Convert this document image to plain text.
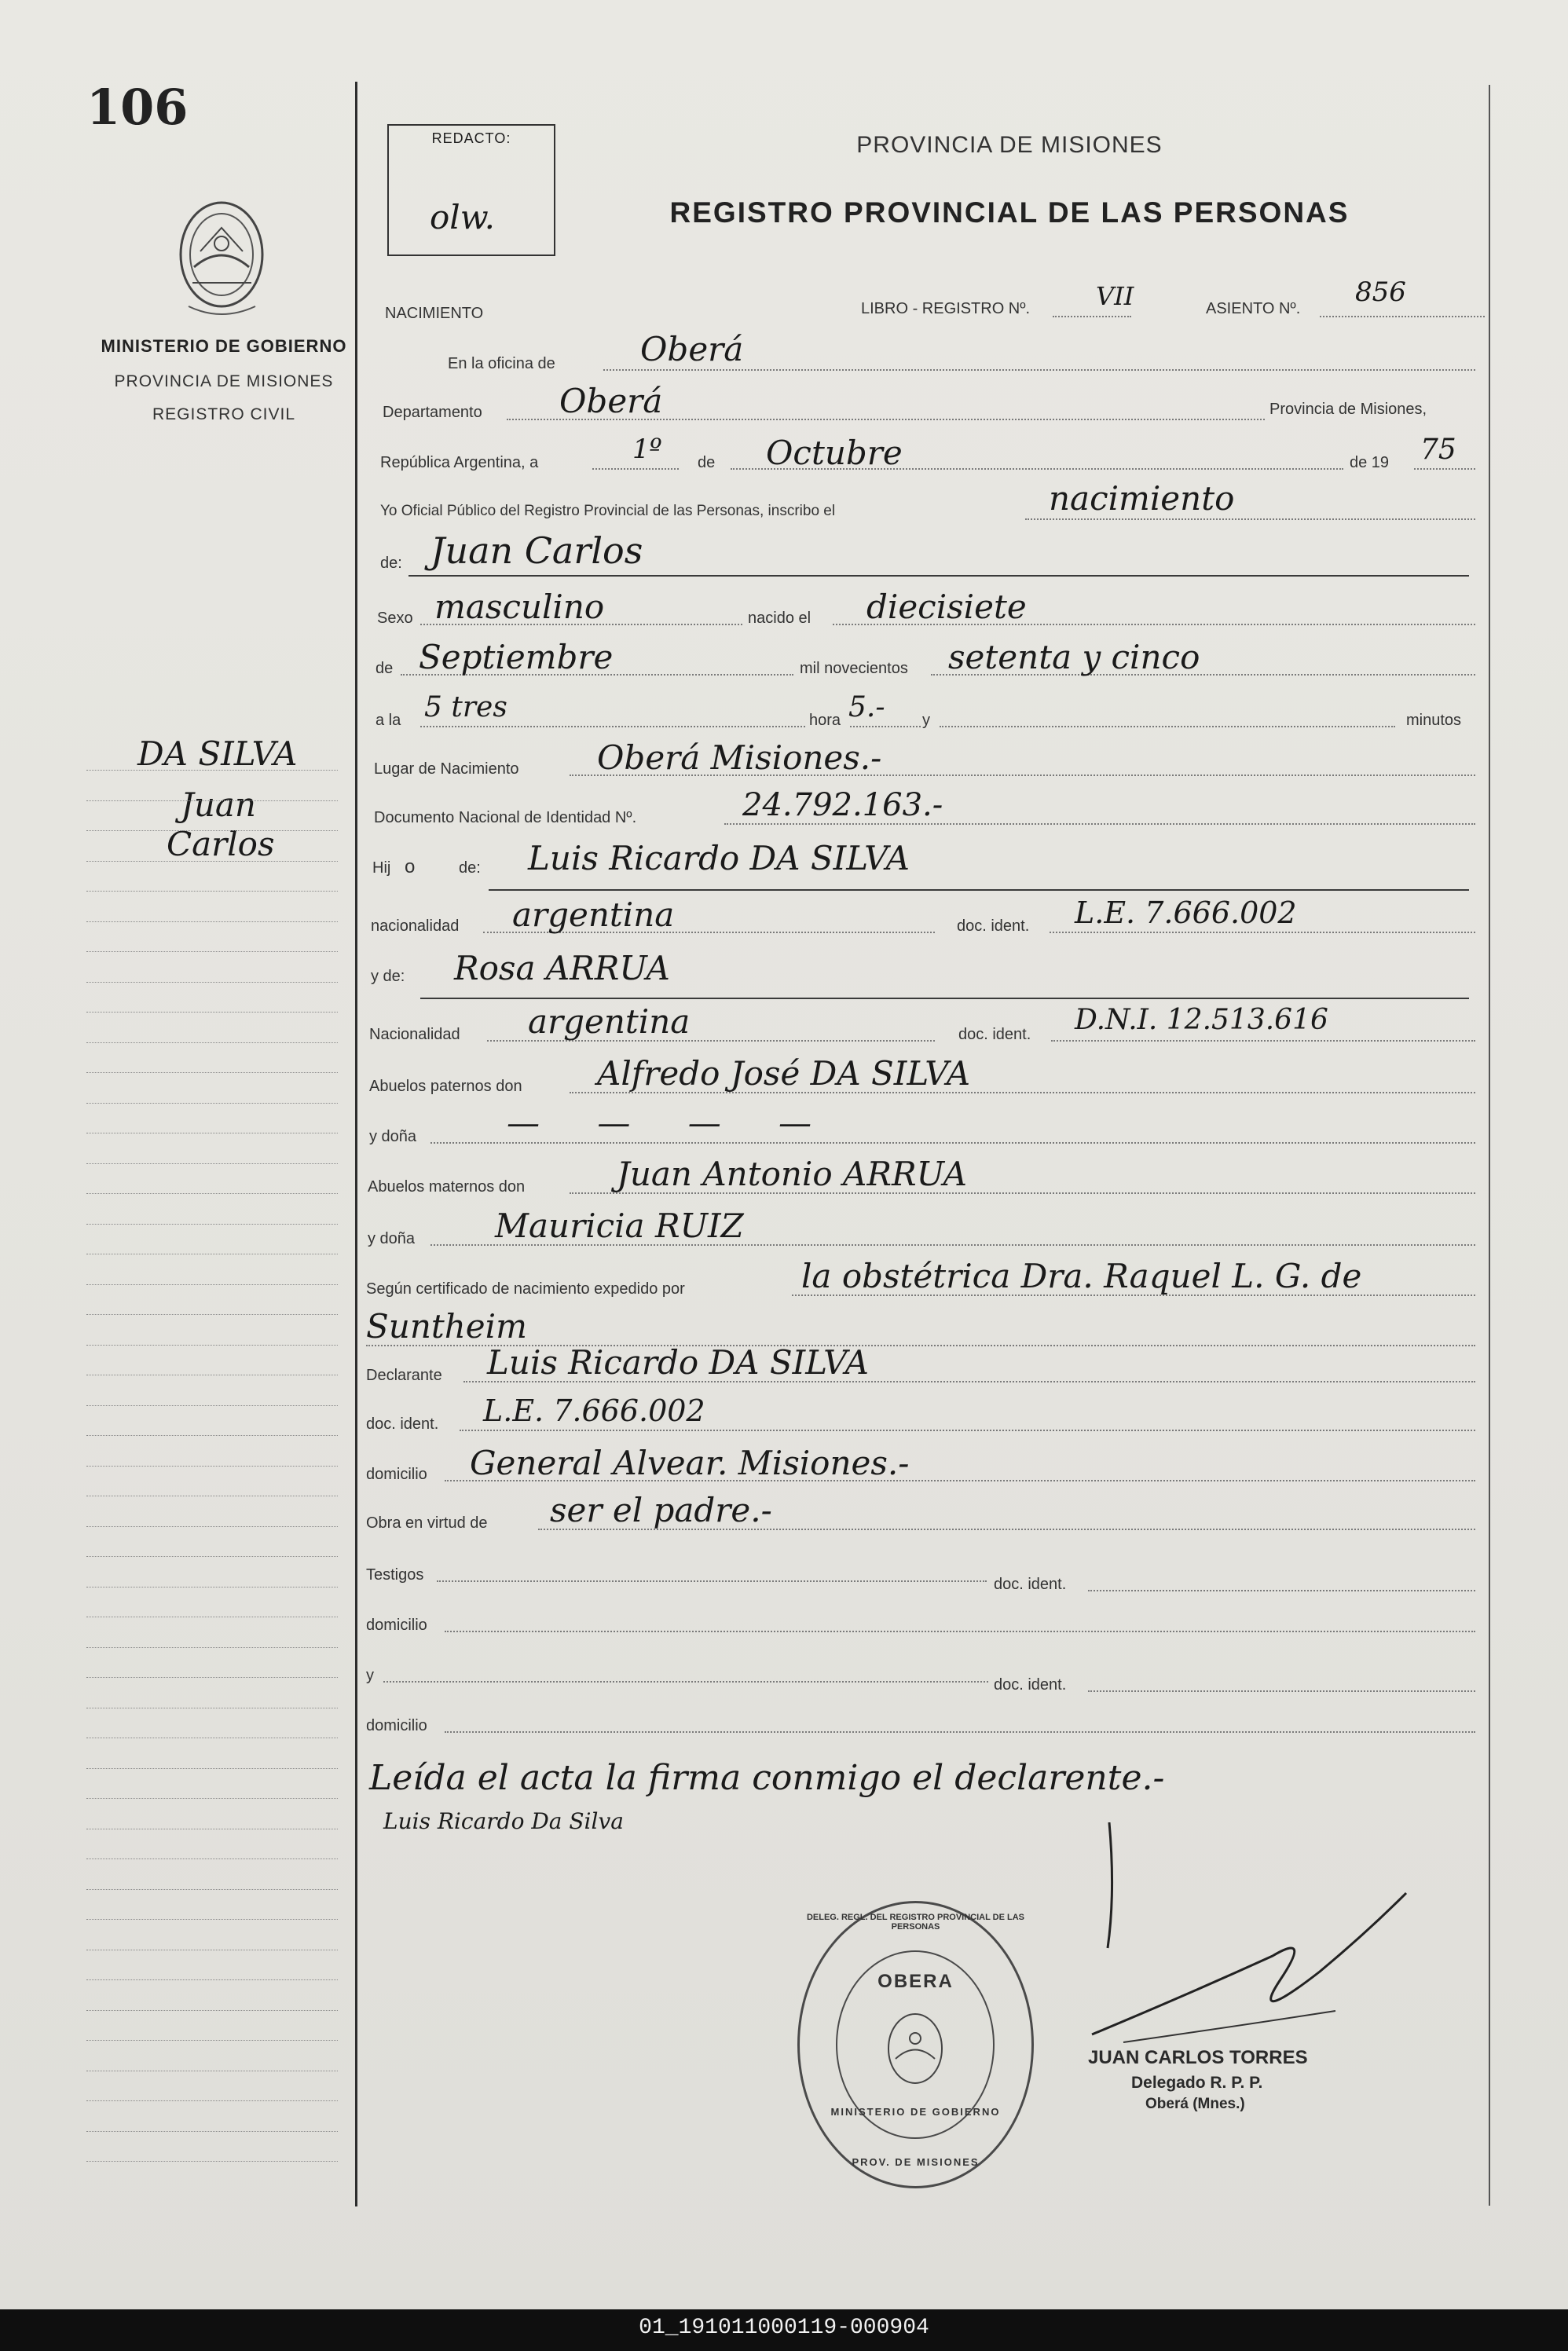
106
MINISTERIO DE GOBIERNO
PROVINCIA DE MISIONES
REGISTRO CIVIL
DA SILVA
Juan
Carlos
REDACTO:
olw.
PROVINCIA DE MISIONES
REGISTRO PROVINCIAL DE LAS PERSONAS
NACIMIENTO	LIBRO - REGISTRO Nº.	VII	ASIENTO Nº.
856
En la oficina de	Oberá
Departamento Oberá	Provincia de Misiones,
República Argentina, a	1º de Octubre	de 19 75
Yo Oficial Público del Registro Provincial de las Personas, inscribo el	nacimiento
de: Juan Carlos
Sexo masculino	nacido el diecisiete
de Septiembre	mil novecientos setenta y cinco
a la 5 tres	hora 5.- y	minutos
Lugar de Nacimiento Oberá Misiones.-
Documento Nacional de Identidad Nº.	24.792.163.-
Hij o	de: Luis Ricardo DA SILVA
nacionalidad argentina	doc. ident. L.E. 7.666.002
y de: Rosa ARRUA
Nacionalidad argentina	doc. ident. D.N.I. 12.513.616
Abuelos paternos don Alfredo José DA SILVA
y doña	— — — —
Abuelos maternos don	Juan Antonio ARRUA
y doña Mauricia RUIZ
Según certificado de nacimiento expedido por	la obstétrica Dra. Raquel L. G. de
Suntheim
Declarante Luis Ricardo DA SILVA
doc. ident. L.E. 7.666.002
domicilio General Alvear. Misiones.-
Obra en virtud de ser el padre.-
Testigos
doc. ident.
domicilio
y
doc. ident.
domicilio
Leída el acta la firma conmigo el declarente.-
Luis Ricardo Da Silva
DELEG. REGL. DEL REGISTRO PROVINCIAL DE LAS PERSONAS
OBERA
MINISTERIO DE GOBIERNO
PROV. DE MISIONES
JUAN CARLOS TORRES
Delegado R. P. P.
Oberá (Mnes.)
01_191011000119-000904
